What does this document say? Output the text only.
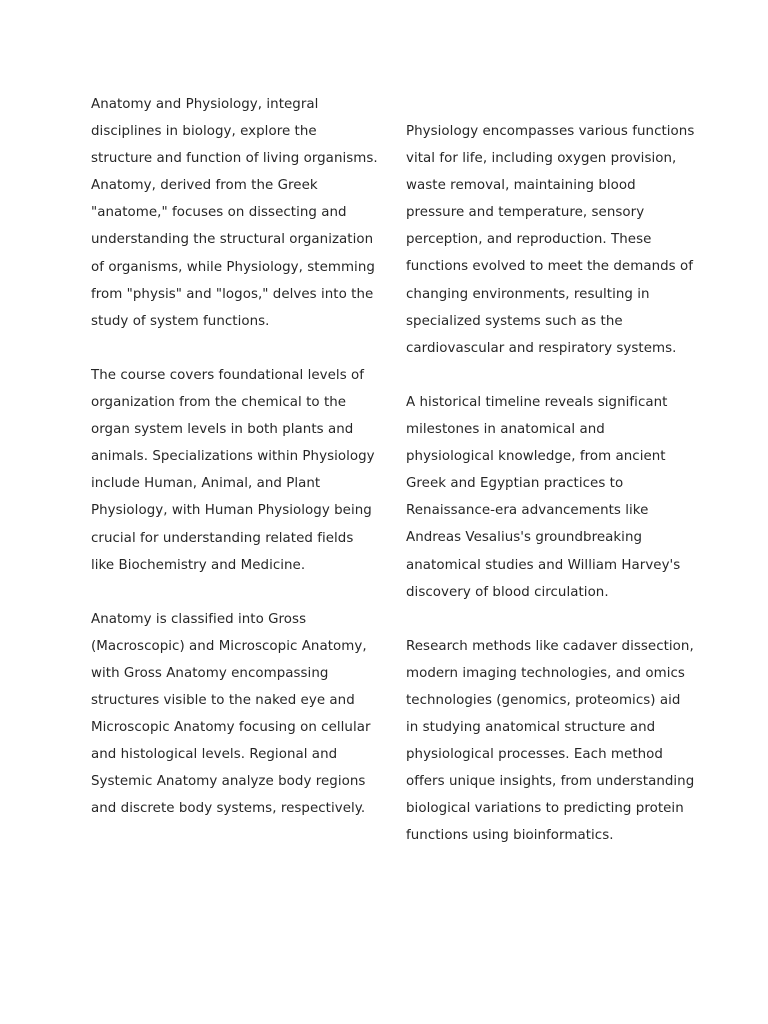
Anatomy and Physiology, integral disciplines in biology, explore the structure and function of living organisms. Anatomy, derived from the Greek "anatome," focuses on dissecting and understanding the structural organization of organisms, while Physiology, stemming from "physis" and "logos," delves into the study of system functions.

The course covers foundational levels of organization from the chemical to the organ system levels in both plants and animals. Specializations within Physiology include Human, Animal, and Plant Physiology, with Human Physiology being crucial for understanding related fields like Biochemistry and Medicine.

Anatomy is classified into Gross (Macroscopic) and Microscopic Anatomy, with Gross Anatomy encompassing structures visible to the naked eye and Microscopic Anatomy focusing on cellular and histological levels. Regional and Systemic Anatomy analyze body regions and discrete body systems, respectively.

Physiology encompasses various functions vital for life, including oxygen provision, waste removal, maintaining blood pressure and temperature, sensory perception, and reproduction. These functions evolved to meet the demands of changing environments, resulting in specialized systems such as the cardiovascular and respiratory systems.

A historical timeline reveals significant milestones in anatomical and physiological knowledge, from ancient Greek and Egyptian practices to Renaissance-era advancements like Andreas Vesalius's groundbreaking anatomical studies and William Harvey's discovery of blood circulation.

Research methods like cadaver dissection, modern imaging technologies, and omics technologies (genomics, proteomics) aid in studying anatomical structure and physiological processes. Each method offers unique insights, from understanding biological variations to predicting protein functions using bioinformatics.
